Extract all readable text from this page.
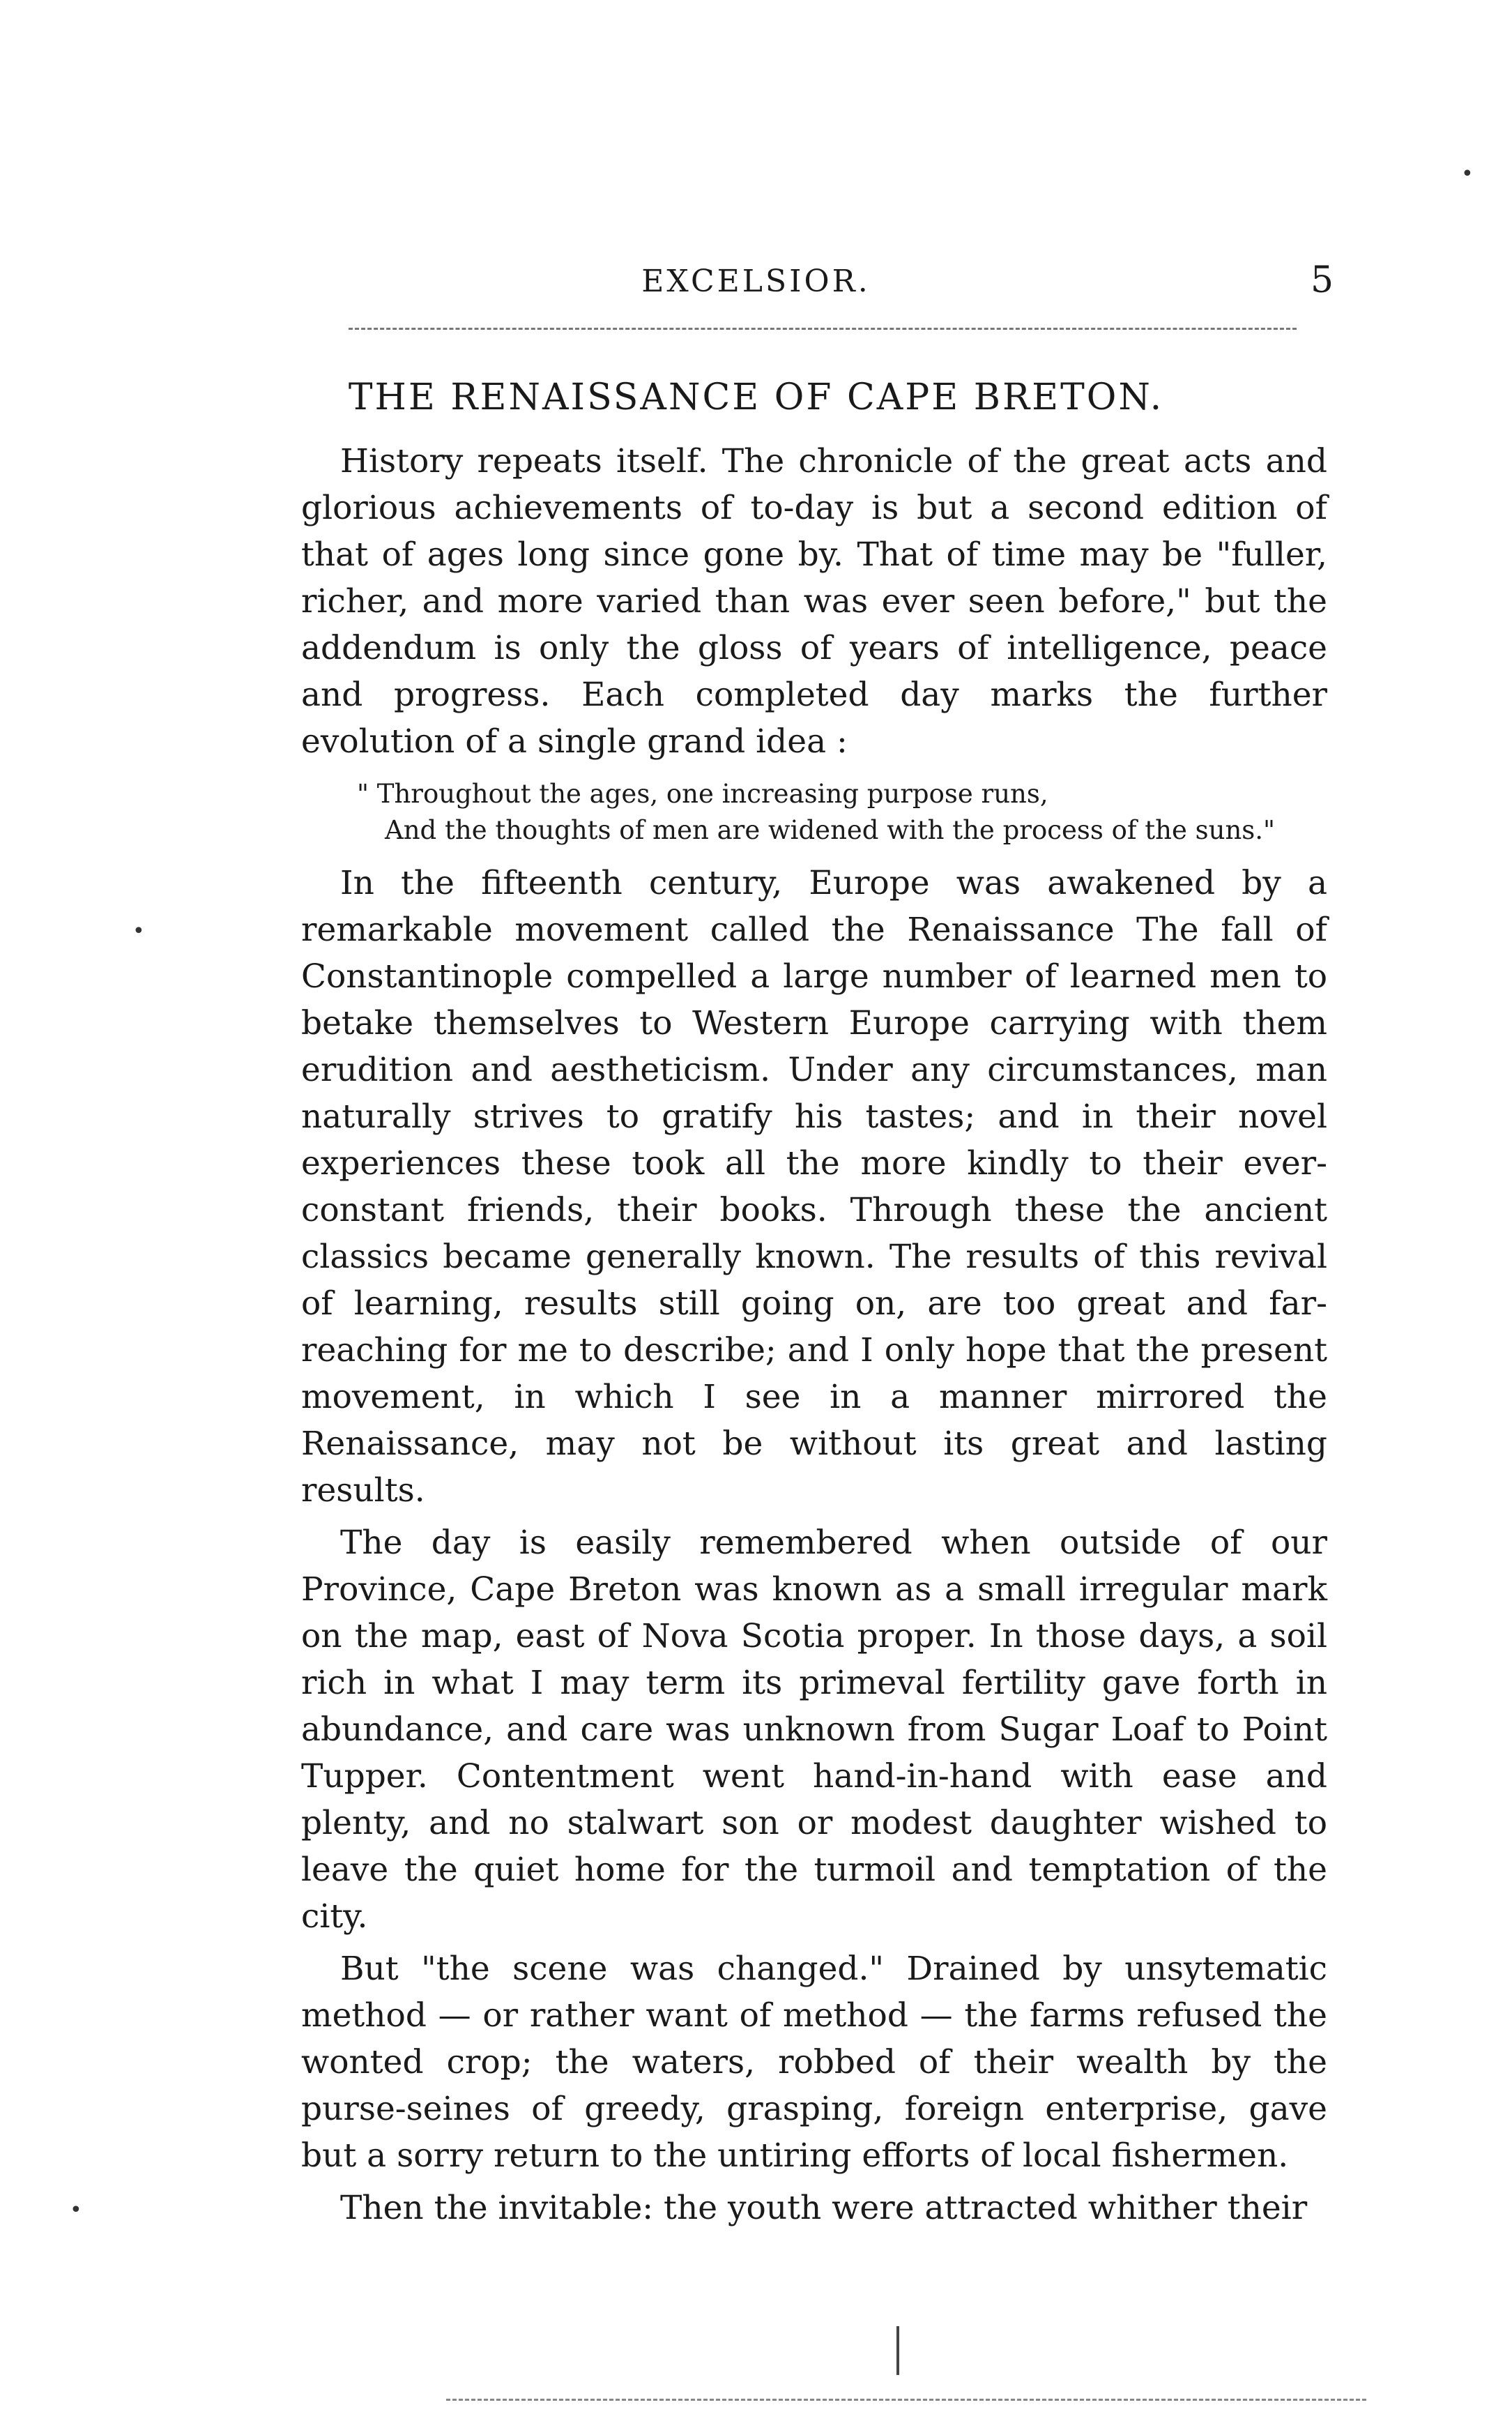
EXCELSIOR.	5
THE RENAISSANCE OF CAPE BRETON.

History repeats itself. The chronicle of the great acts and glorious achievements of to-day is but a second edition of that of ages long since gone by. That of time may be "fuller, richer, and more varied than was ever seen before," but the addendum is only the gloss of years of intelligence, peace and progress. Each completed day marks the further evolution of a single grand idea :

" Throughout the ages, one increasing purpose runs,
And the thoughts of men are widened with the process of the suns."

In the fifteenth century, Europe was awakened by a remarkable movement called the Renaissance The fall of Constantinople compelled a large number of learned men to betake themselves to Western Europe carrying with them erudition and aestheticism. Under any circumstances, man naturally strives to gratify his tastes; and in their novel experiences these took all the more kindly to their ever-constant friends, their books. Through these the ancient classics became generally known. The results of this revival of learning, results still going on, are too great and far-reaching for me to describe; and I only hope that the present movement, in which I see in a manner mirrored the Renaissance, may not be without its great and lasting results.

The day is easily remembered when outside of our Province, Cape Breton was known as a small irregular mark on the map, east of Nova Scotia proper. In those days, a soil rich in what I may term its primeval fertility gave forth in abundance, and care was unknown from Sugar Loaf to Point Tupper. Contentment went hand-in-hand with ease and plenty, and no stalwart son or modest daughter wished to leave the quiet home for the turmoil and temptation of the city.

But "the scene was changed." Drained by unsytematic method — or rather want of method — the farms refused the wonted crop; the waters, robbed of their wealth by the purse-seines of greedy, grasping, foreign enterprise, gave but a sorry return to the untiring efforts of local fishermen.

Then the invitable: the youth were attracted whither their

•
•
•
